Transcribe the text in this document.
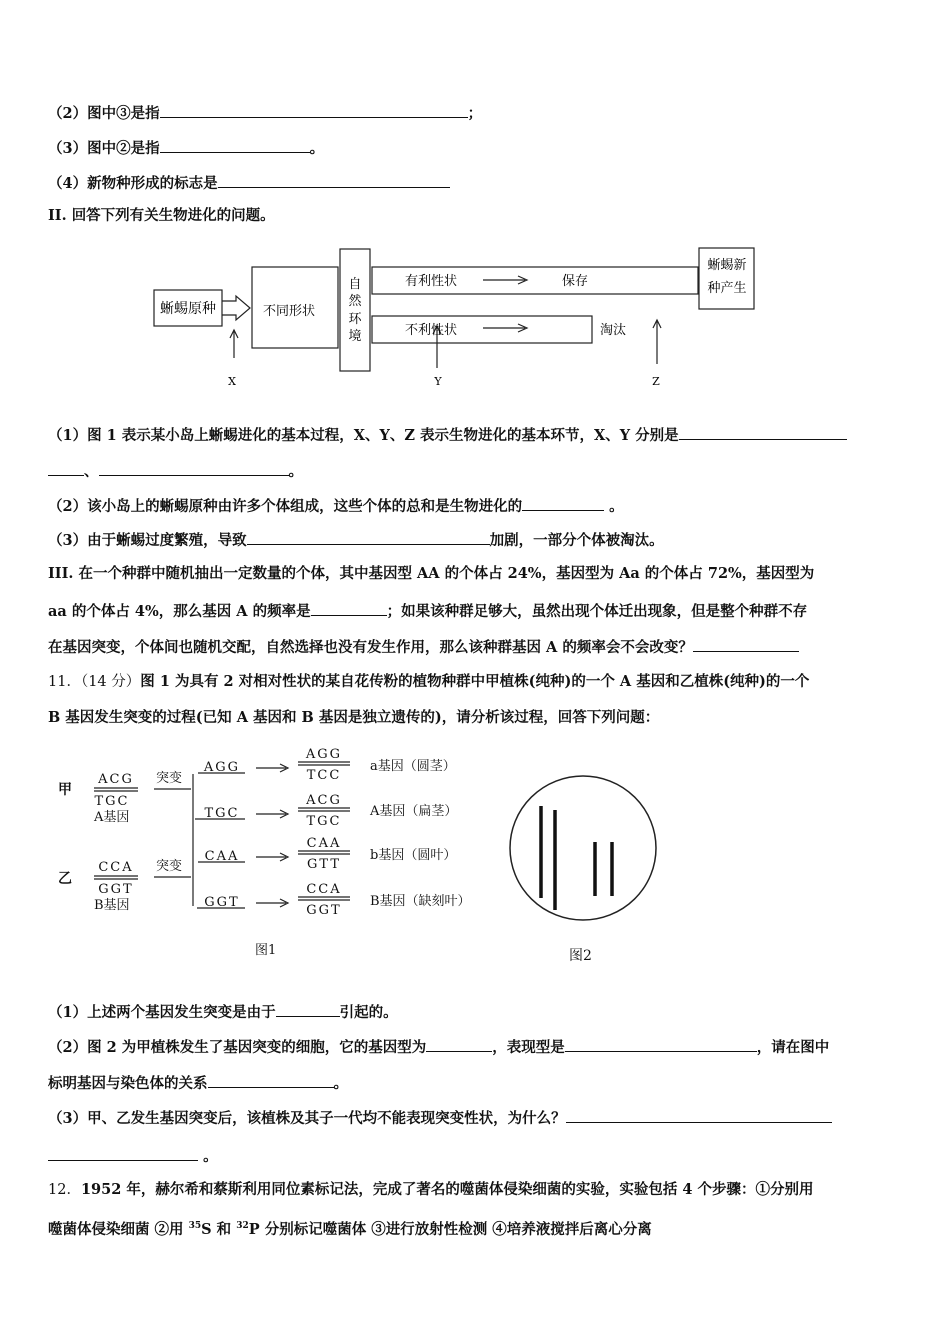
（2）图中③是指	；
（3）图中②是指	。
（4）新物种形成的标志是
II. 回答下列有关生物进化的问题。
蜥蜴原种	不同形状
自
然
环
境
有利性状	保存
不利性状	淘汰
蜥蜴新
种产生
X	Y	Z
（1）图 1 表示某小岛上蜥蜴进化的基本过程，X、Y、Z 表示生物进化的基本环节，X、Y 分别是
、	。
（2）该小岛上的蜥蜴原种由许多个体组成，这些个体的总和是生物进化的	。
（3）由于蜥蜴过度繁殖，导致	加剧，一部分个体被淘汰。
III. 在一个种群中随机抽出一定数量的个体，其中基因型 AA 的个体占 24%，基因型为 Aa 的个体占 72%，基因型为
aa 的个体占 4%，那么基因 A 的频率是	；如果该种群足够大，虽然出现个体迁出现象，但是整个种群不存
在基因突变，个体间也随机交配，自然选择也没有发生作用，那么该种群基因 A 的频率会不会改变？
11．（14 分）图 1 为具有 2 对相对性状的某自花传粉的植物种群中甲植株(纯种)的一个 A 基因和乙植株(纯种)的一个
B 基因发生突变的过程(已知 A 基因和 B 基因是独立遗传的)，请分析该过程，回答下列问题：
甲
乙
ACG
TGC
CCA
GGT
AGG
TGC
CAA
GGT
AGG
TCC
ACG
TGC
CAA
GTT
CCA
GGT
A基因
B基因
突变
突变
a基因（圆茎）
A基因（扁茎）
b基因（圆叶）
B基因（缺刻叶）
图1	图2
（1）上述两个基因发生突变是由于	引起的。
（2）图 2 为甲植株发生了基因突变的细胞，它的基因型为	，表现型是	，请在图中
标明基因与染色体的关系	。
（3）甲、乙发生基因突变后，该植株及其子一代均不能表现突变性状，为什么？
。
12．1952 年，赫尔希和蔡斯利用同位素标记法，完成了著名的噬菌体侵染细菌的实验，实验包括 4 个步骤：①分别用
噬菌体侵染细菌 ②用 $^{35}$S 和 $^{32}$P 分别标记噬菌体 ③进行放射性检测 ④培养液搅拌后离心分离
